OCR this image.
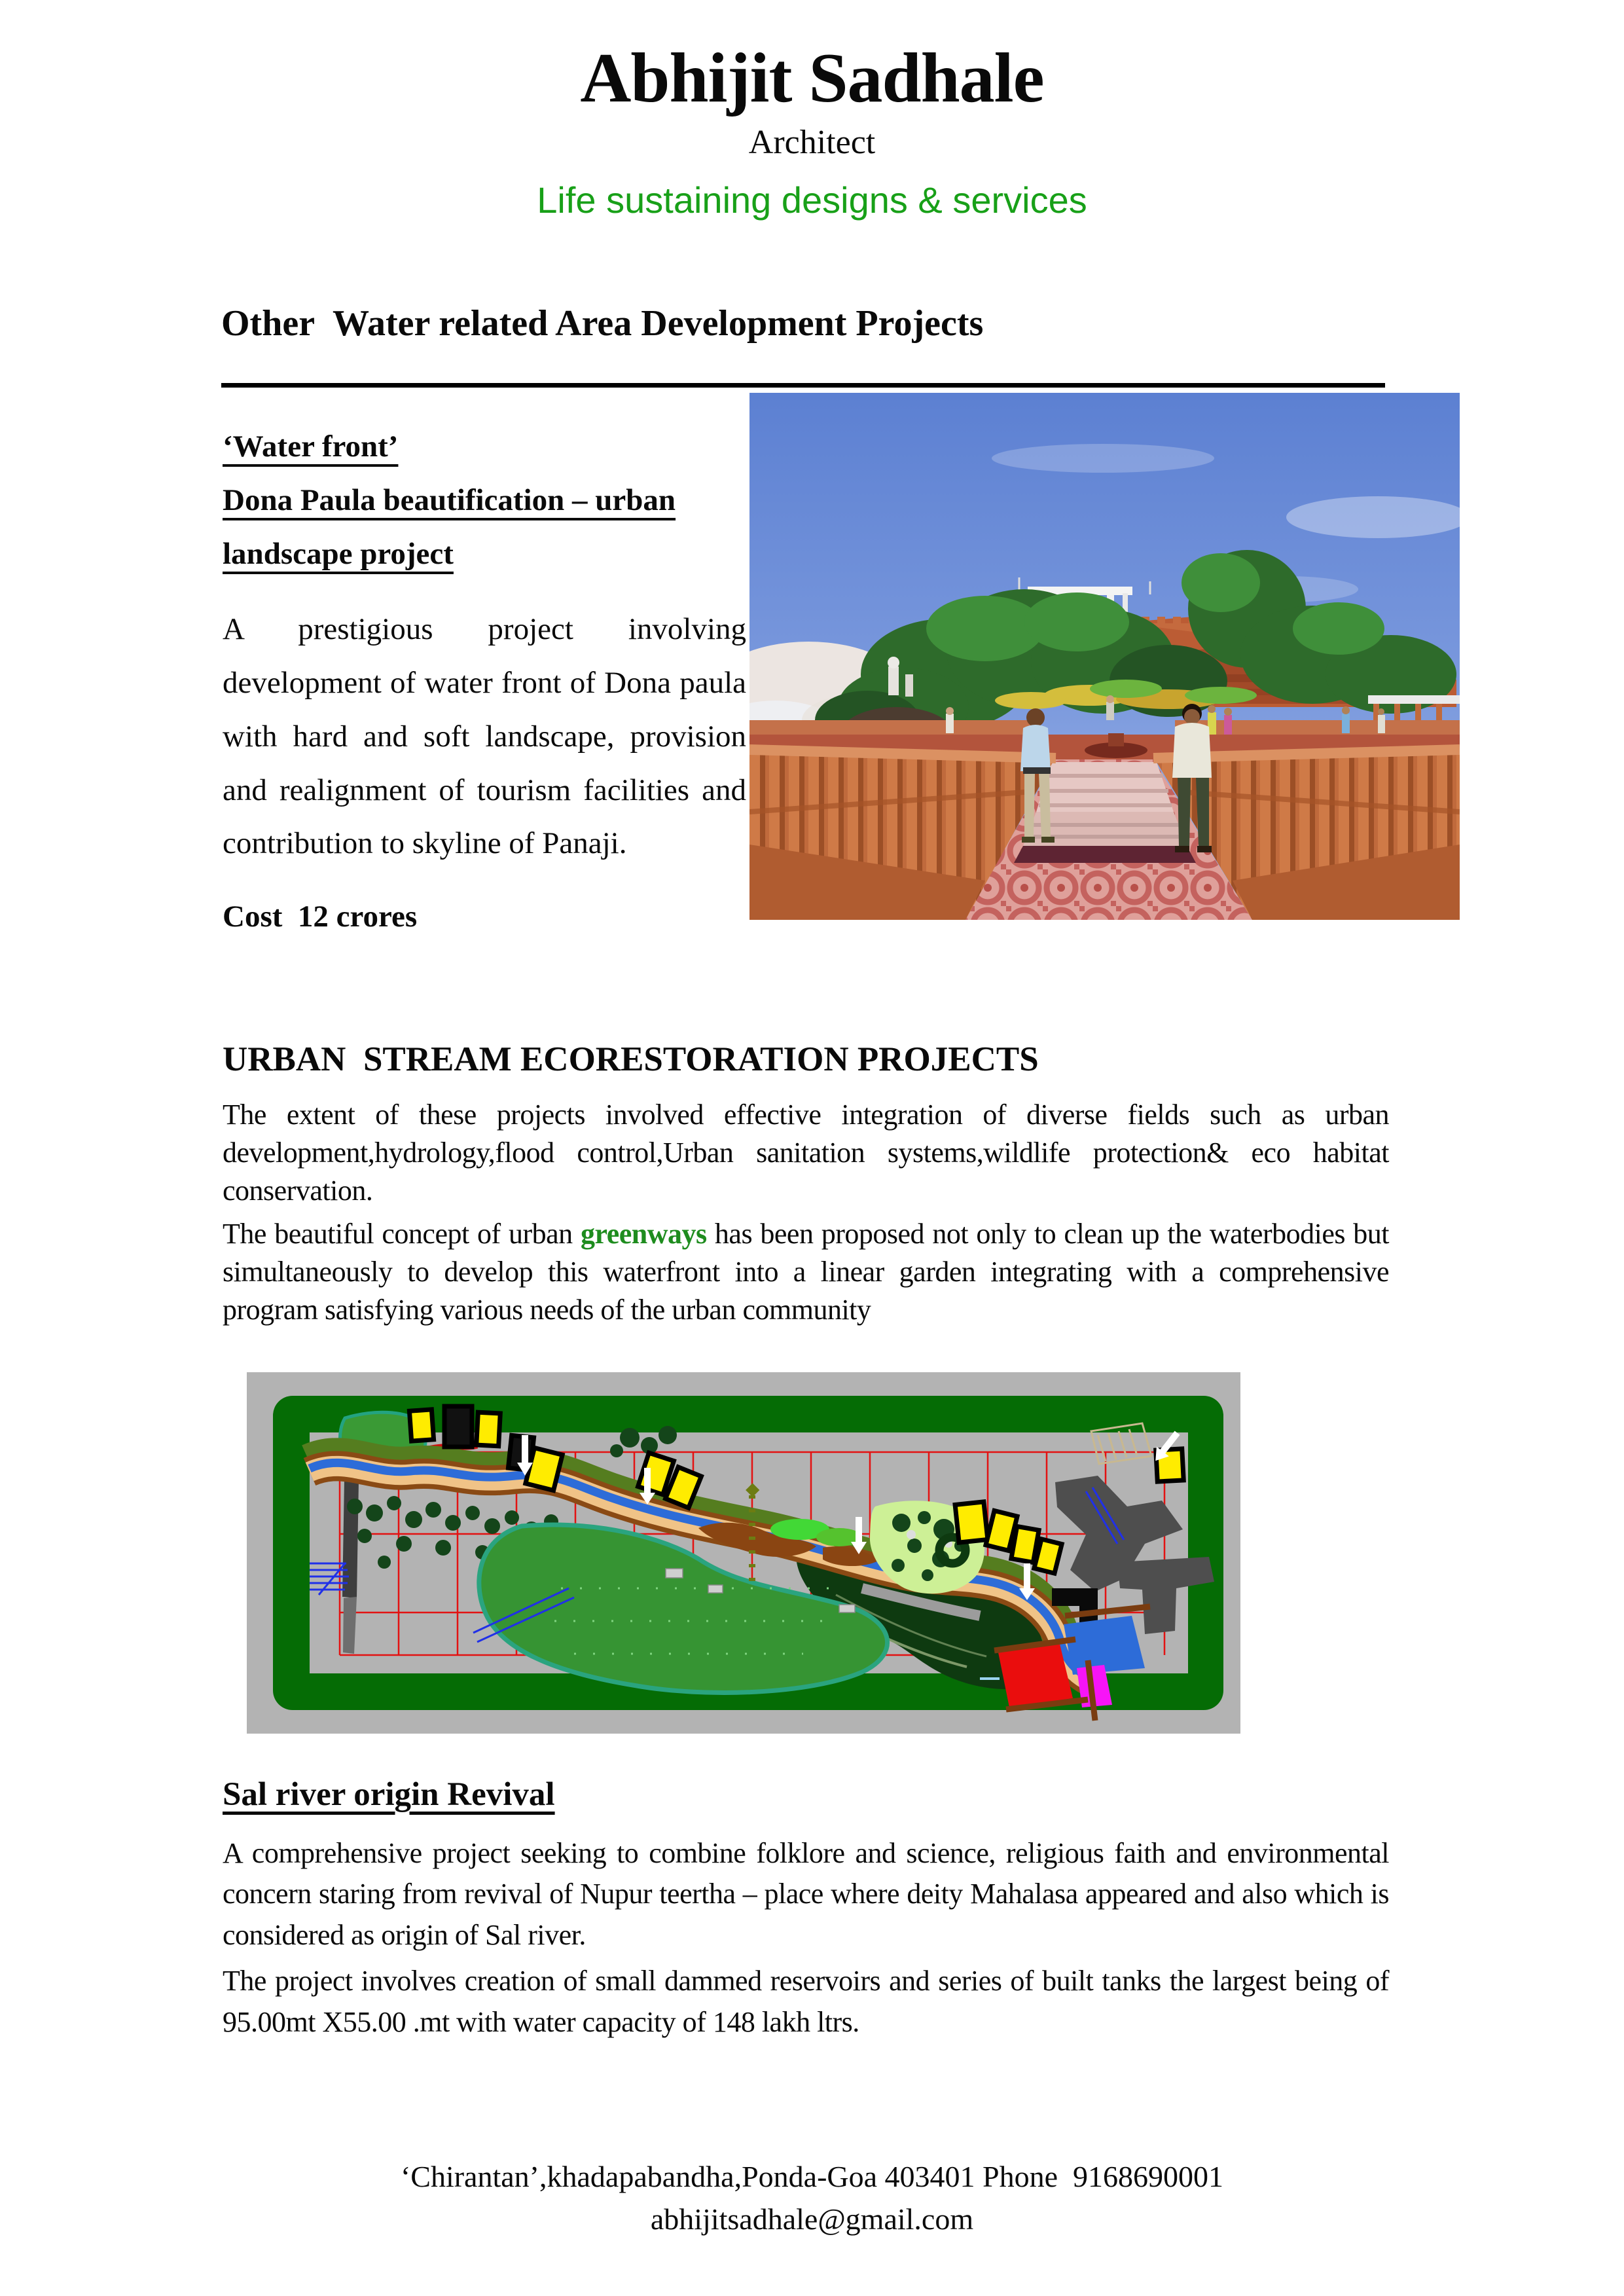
Abhijit Sadhale
Architect
Life sustaining designs & services
Other  Water related Area Development Projects
‘Water front’
Dona Paula beautification – urban
landscape project
A prestigious project involving development of water front of Dona paula with hard and soft landscape, provision and realignment of tourism facilities and contribution to skyline of Panaji.
Cost  12 crores
URBAN  STREAM ECORESTORATION PROJECTS
The extent of these projects involved effective integration of diverse fields such as urban development,hydrology,flood control,Urban sanitation systems,wildlife protection& eco habitat conservation.
The beautiful concept of urban greenways has been proposed not only to clean up the waterbodies but simultaneously to develop this waterfront into a linear garden integrating with a comprehensive program satisfying various needs of the urban community
Sal river origin Revival
A comprehensive project seeking to combine folklore and science, religious faith and environmental concern staring from revival of Nupur teertha – place where deity Mahalasa appeared and also which is considered as origin of Sal river.
The project involves creation of small dammed reservoirs and series of built tanks the largest being of 95.00mt X55.00 .mt with water capacity of 148 lakh ltrs.
‘Chirantan’,khadapabandha,Ponda-Goa 403401 Phone  9168690001
abhijitsadhale@gmail.com
